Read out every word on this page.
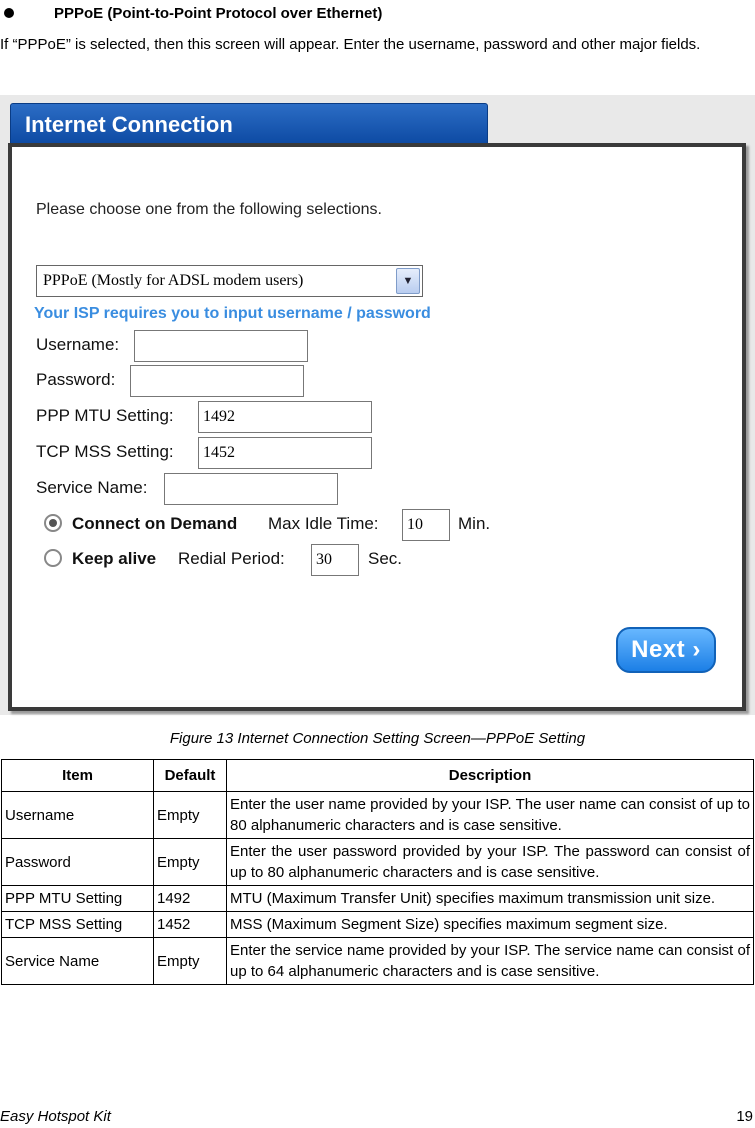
PPPoE (Point-to-Point Protocol over Ethernet)
If “PPPoE” is selected, then this screen will appear. Enter the username, password and other major fields.
Internet Connection
Please choose one from the following selections.
PPPoE (Mostly for ADSL modem users)	▼
Your ISP requires you to input username / password
Username:
Password:
PPP MTU Setting: 1492
TCP MSS Setting: 1452
Service Name:
Connect on Demand Max Idle Time: 10 Min.
Keep alive Redial Period: 30 Sec.
Next ›
Figure 13 Internet Connection Setting Screen—PPPoE Setting
Item	Default	Description
Username	Empty	Enter the user name provided by your ISP. The user name can consist of up to 80 alphanumeric characters and is case sensitive.
Password	Empty	Enter the user password provided by your ISP. The password can consist of up to 80 alphanumeric characters and is case sensitive.
PPP MTU Setting	1492	MTU (Maximum Transfer Unit) specifies maximum transmission unit size.
TCP MSS Setting	1452	MSS (Maximum Segment Size) specifies maximum segment size.
Service Name	Empty	Enter the service name provided by your ISP. The service name can consist of up to 64 alphanumeric characters and is case sensitive.
Easy Hotspot Kit	19
